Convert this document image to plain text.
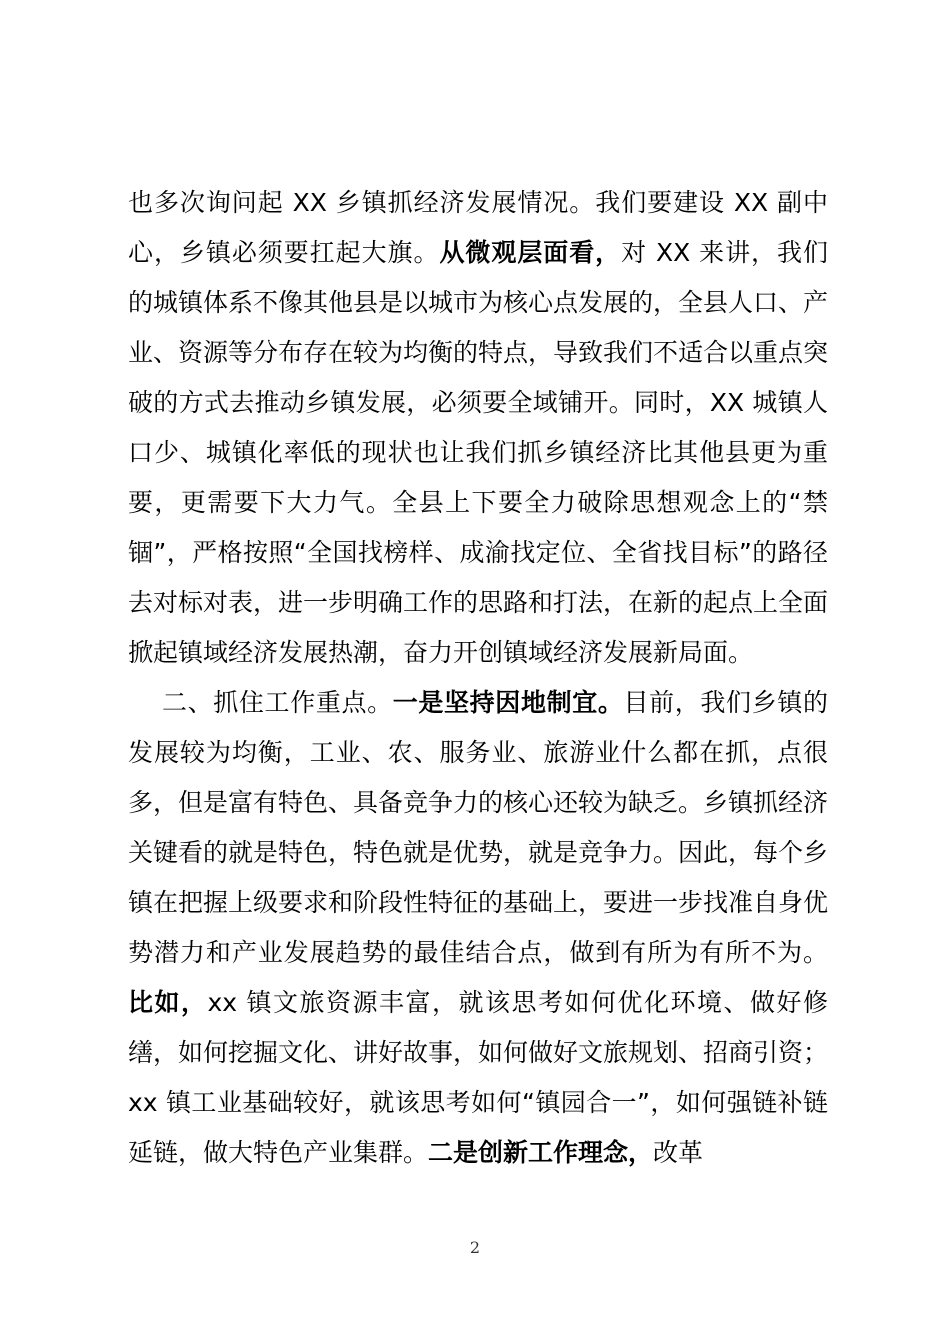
也多次询问起 XX 乡镇抓经济发展情况。我们要建设 XX 副中心，乡镇必须要扛起大旗。从微观层面看，对 XX 来讲，我们的城镇体系不像其他县是以城市为核心点发展的，全县人口、产业、资源等分布存在较为均衡的特点，导致我们不适合以重点突破的方式去推动乡镇发展，必须要全域铺开。同时，XX 城镇人口少、城镇化率低的现状也让我们抓乡镇经济比其他县更为重要，更需要下大力气。全县上下要全力破除思想观念上的“禁锢”，严格按照“全国找榜样、成渝找定位、全省找目标”的路径去对标对表，进一步明确工作的思路和打法，在新的起点上全面掀起镇域经济发展热潮，奋力开创镇域经济发展新局面。

二、抓住工作重点。一是坚持因地制宜。目前，我们乡镇的发展较为均衡，工业、农、服务业、旅游业什么都在抓，点很多，但是富有特色、具备竞争力的核心还较为缺乏。乡镇抓经济关键看的就是特色，特色就是优势，就是竞争力。因此，每个乡镇在把握上级要求和阶段性特征的基础上，要进一步找准自身优势潜力和产业发展趋势的最佳结合点，做到有所为有所不为。比如，xx 镇文旅资源丰富，就该思考如何优化环境、做好修缮，如何挖掘文化、讲好故事，如何做好文旅规划、招商引资；xx 镇工业基础较好，就该思考如何“镇园合一”，如何强链补链延链，做大特色产业集群。二是创新工作理念，改革

2
